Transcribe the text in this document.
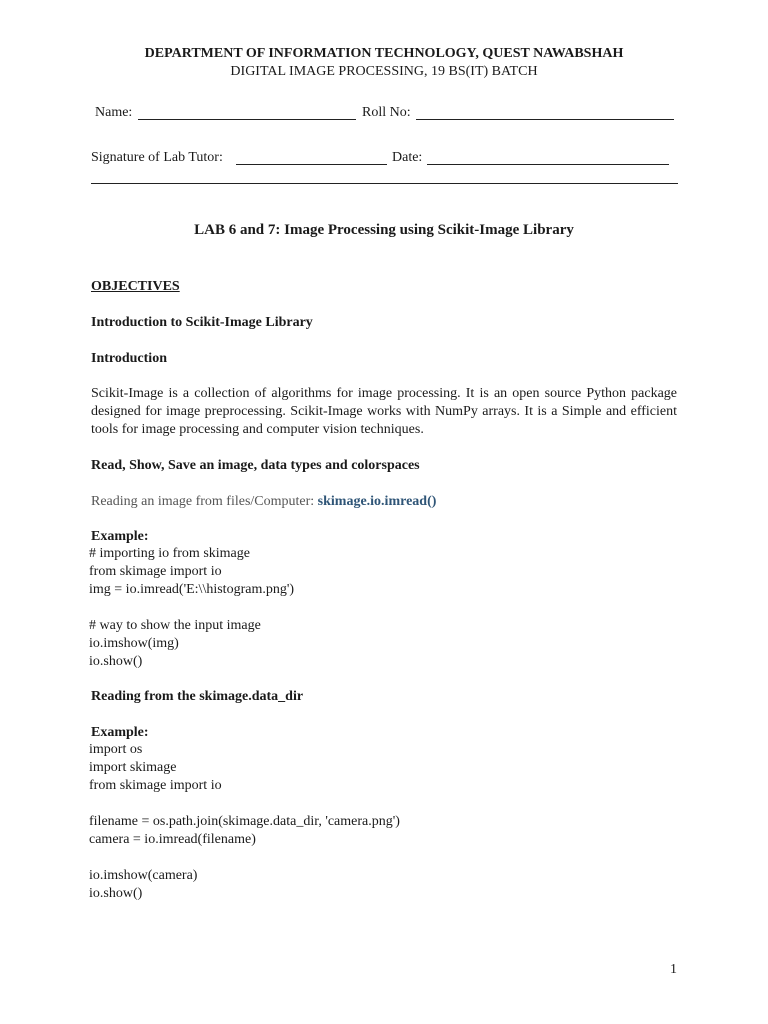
DEPARTMENT OF INFORMATION TECHNOLOGY, QUEST NAWABSHAH
DIGITAL IMAGE PROCESSING, 19 BS(IT) BATCH
Name:	Roll No:
Signature of Lab Tutor:	Date:
LAB 6 and 7: Image Processing using Scikit-Image Library
OBJECTIVES
Introduction to Scikit-Image Library
Introduction
Scikit-Image is a collection of algorithms for image processing. It is an open source Python package designed for image preprocessing. Scikit-Image works with NumPy arrays. It is a Simple and efficient tools for image processing and computer vision techniques.
Read, Show, Save an image, data types and colorspaces
Reading an image from files/Computer: skimage.io.imread()
Example:
# importing io from skimage
from skimage import io
img = io.imread('E:\\histogram.png')
# way to show the input image
io.imshow(img)
io.show()
Reading from the skimage.data_dir
Example:
import os
import skimage
from skimage import io
filename = os.path.join(skimage.data_dir, 'camera.png')
camera = io.imread(filename)
io.imshow(camera)
io.show()
1
